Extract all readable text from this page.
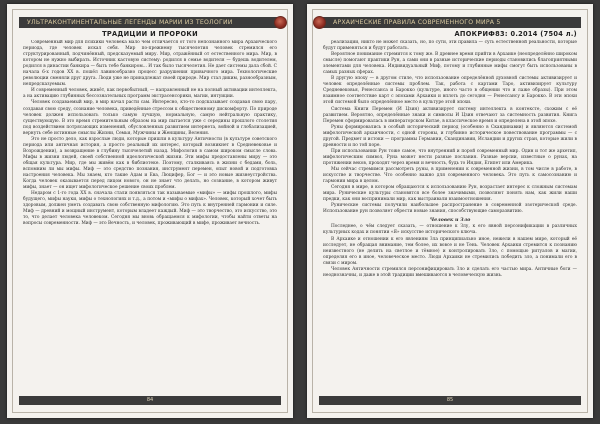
УЛЬТРАКОНТИНЕНТАЛЬНЫЕ ЛЕГЕНДЫ МАРИИ ИЗ ТЕОЛОГИИ
ТРАДИЦИИ И ПРОРОКИ

Современный мир для психики человека мало чем отличается от того непознанного мира Архаического периода, где человек искал себя. Мир по-прежнему тысячелетия человек стремился его структурированный, подчинённый, предсказуемый миру. Мир, отражённый от естественного мира. Мир, в котором не нужно выбирать. Источник кастовую систему: родился в семье водителя — будешь водителем, родился в династии банкира — быть тебе банкиром... И так было тысячелетия. Не дает системы дала сбой. С начала 6-х годов XX в. пошёл лавинообразно процесс разрушения привычного мира. Технологические революции сменяли друг друга. Люди уже не принадлежат своей природе. Мир стал диким, разнообразным, непредсказуемым.

И современный человек, живёт, как первобытный, — направленный не на полный активации интеллекта, а на активацию глубинных бессознательных программ экстрасенсорики, магии, интуиции.

Человек создаваемый мир, в мир начал расти сам. Интересно, кто-то подсказывает создавая свою пару, создавая свою среду, сознание человека, приведённые стрессом к общественному дискомфорту. По природе человек должен использовать только самую лучшую, нормальную, самую нейтральную практику, существующую. В это время стремительным образом на мир пытается уже с середины прошлого столетия под воздействием потрясающих изменений, обусловленных развитием интернета, войной и глобализацией, вернуть себе истинные смыслы Жизни, Семьи, Мужчины и Женщины, Веления.

Это не просто дело, как взрослые люди, которые пришли в культуру Античности (в культуре советского периода или античная история, а просто реальный их интерес, который возникнет в Средневековье и Возрождении), а возвращение в глубину тысячелетий назад. Мифология в самом широком смысле слова. Мифы в жизни людей, своей собственной идеологической жизни. Эти мифы предоставлены миру — это общая культура. Мир, где мы живём как в библиотеке. Поэтому, сталкиваясь в жизни с бедами, боль, вспомним ли мы мифы. Миф — это средство познания, инструмент перемен, опыт новой и подготовка настроения человека. Мы знаем, кто такие Адам и Ева, Люцифер, Бог — и это новые жизнеустройства. Когда человек оказывается перед лицом нового, он не знает что делать, но сознание, в котором живут мифы, знает — он ищет мифологическое решение своих проблем.

Недаром с 1-го года XX в. сначала стали появляться так называемые «мифы» — мифы прошлого, мифы будущего, мифы науки, мифы о технологиях и т.д., а потом и «мифы о мифах». Человек, который хочет быть здоровым, должен уметь создавать свою собственную мифологию. Это путь к внутренней гармонии и силе. Миф — древний и мощный инструмент, которым владеет каждый. Миф — это творчество, это искусство, это то, что делает человека человеком. Сегодня мы вновь обращаемся к мифологии, чтобы найти ответы на вопросы современности. Миф — это Вечность, и человек, проживающий в мифе, проживает вечность.

84
АРХАИЧЕСКИЕ ПРАВИЛА СОВРЕМЕННОГО МИРА 5
АПОКРИФ83: 0.2014 (7504 л.)

реализации, никто не может сказать, но, по сути, эти правила — суть естественной реальности, которые будут применяться и будут работать.

Вероятное понимание стремится к тому же. В древнее время прийти в Архаике (неопределённо широком смысле) помогают практики Рун, а сами они в разные исторические периоды становились благоприятными элементами для человека. Индивидуальный Миф, потому и глубинные мифы смогут быть использованы в самых разных сферах.

В другую эпоху — в другом стиле, что использование определённой духовной системы активизирует и человек определённые системы проблем. Так, работа с картами Таро, активизирует культуру Средневековья, Ренессанса и Барокко (культуре, иного часто в общении что и лаже образы). При этом взаимное соответствие карт с эпохами Архаики и вплоть до сегодня — Ренессансу и Барокко. В эти эпохи этой системой было определённое место в культуре этой эпохи.

Система Книги Перемен (И Цзин) активизирует систему интеллекта в контексте, схожим с её развитием. Вероятно, определённые знаки и символы И Цзин отвечают за системность развития. Книга Перемен сформировалась в императорском Китае, в классическое время и определена в этой эпохе.

Руны формировались в особый исторический период (особенно в Скандинавии) и являются системой мифологической архаичности, с одной стороны, и глубинно историческое повествование программы — с другой. Предмет и истоки — программы Германии, Скандинавии, Исландии и других стран, которые жили в древности и по той поре.

При использовании Рун тоже самое, что внутренний и порой современный мир. Один и тот же архетип, мифологическим символ, Руна может нести разные послания. Разные версии, известные о рунах, на протяжении веков, проходят через время и вечность, будь то Индия, Египет или Америка.

Мы сейчас стремимся рассмотреть руны, в применении к современной жизни, в том числе в работе, в искусстве и творчестве. Что особенно важно для современного человека. Это путь к самосознанию и гармонии мира в целом.

Сегодня в мире, в котором обращаются к использованию Рун, возрастает интерес к сложным системам мира. Рунические культуры становятся все более значимыми, позволяют понять нам, как жили наши предки, как они воспринимали мир, как выстраивали взаимоотношения.

Рунические системы получили наибольшее распространение в современной эзотерической среде. Использование рун позволяет обрести новые знания, способствующие саморазвитию.

Человек и Зло

Последнее, о чём следует сказать, — отношение к Злу, к его явной персонификации в различных культурных кодах и понятии «Я» искусстве исторического ключа.

В Архаике и отношении к его явлениям Зла принципиально иное, нежели в нашем мире, который её исследует, не обращая внимание, тем более, их вовсе и не Тень. Человек Архаики стремится к познанию неизвестного (не делить на светлое и тёмное) и контролировать Зло, с помощью ритуалов и магии, определяя его в иное, человеческое место. Люди Архаики не стремились победить зло, а понимали его в связи с миром.

Человек Античности стремился персонифицировать Зло и сделать его частью мира. Античные боги — неоднозначны, и даже в этой традиции вмешиваются в человеческую жизнь.

85
